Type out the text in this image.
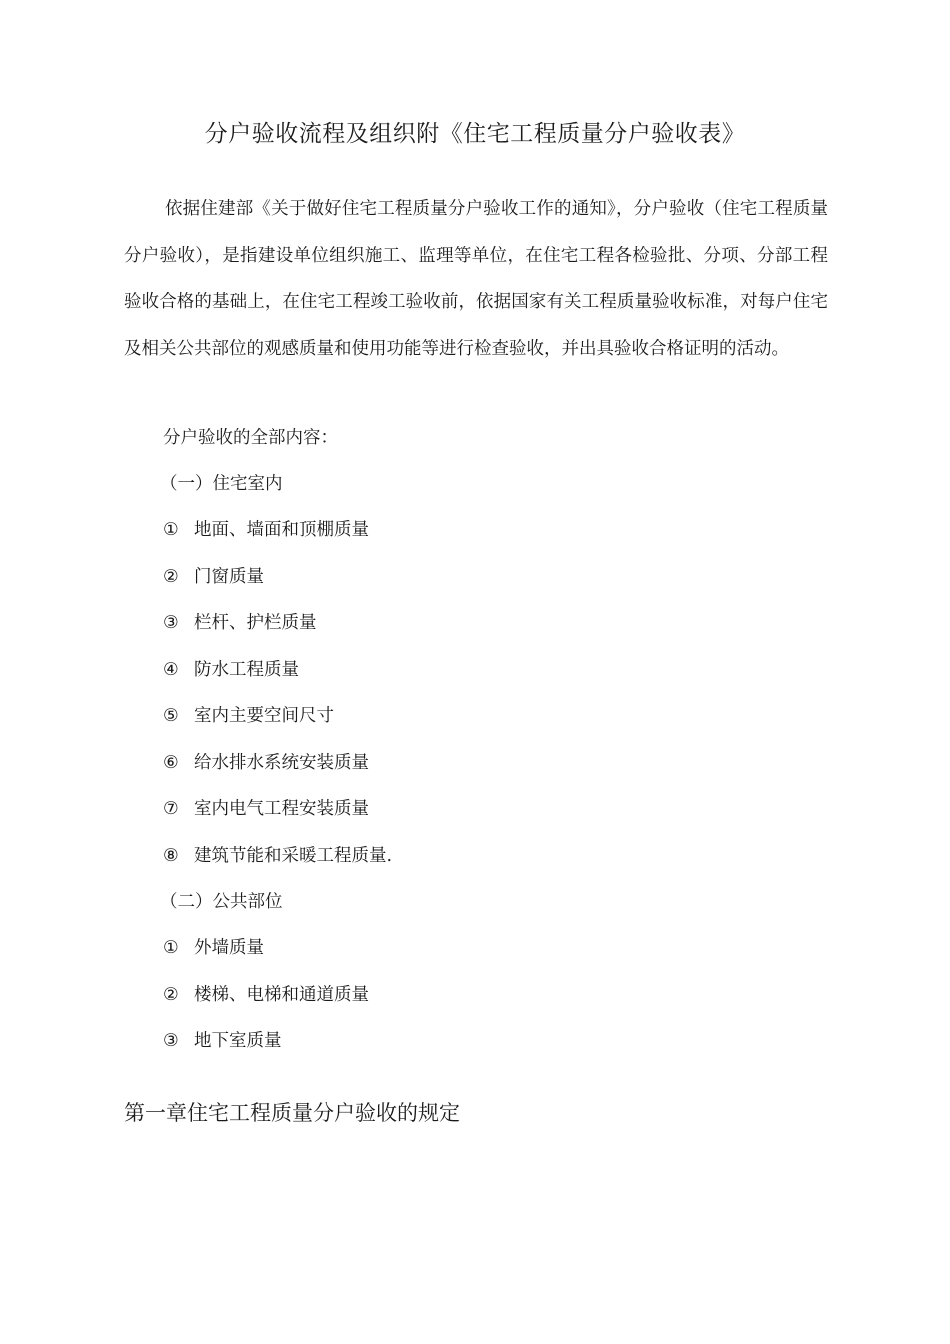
分户验收流程及组织附《住宅工程质量分户验收表》

依据住建部《关于做好住宅工程质量分户验收工作的通知》，分户验收（住宅工程质量分户验收），是指建设单位组织施工、监理等单位，在住宅工程各检验批、分项、分部工程验收合格的基础上，在住宅工程竣工验收前，依据国家有关工程质量验收标准，对每户住宅及相关公共部位的观感质量和使用功能等进行检查验收，并出具验收合格证明的活动。

分户验收的全部内容：
（一）住宅室内
① 地面、墙面和顶棚质量
② 门窗质量
③ 栏杆、护栏质量
④ 防水工程质量
⑤ 室内主要空间尺寸
⑥ 给水排水系统安装质量
⑦ 室内电气工程安装质量
⑧ 建筑节能和采暖工程质量.
（二）公共部位
① 外墙质量
② 楼梯、电梯和通道质量
③ 地下室质量
第一章住宅工程质量分户验收的规定
